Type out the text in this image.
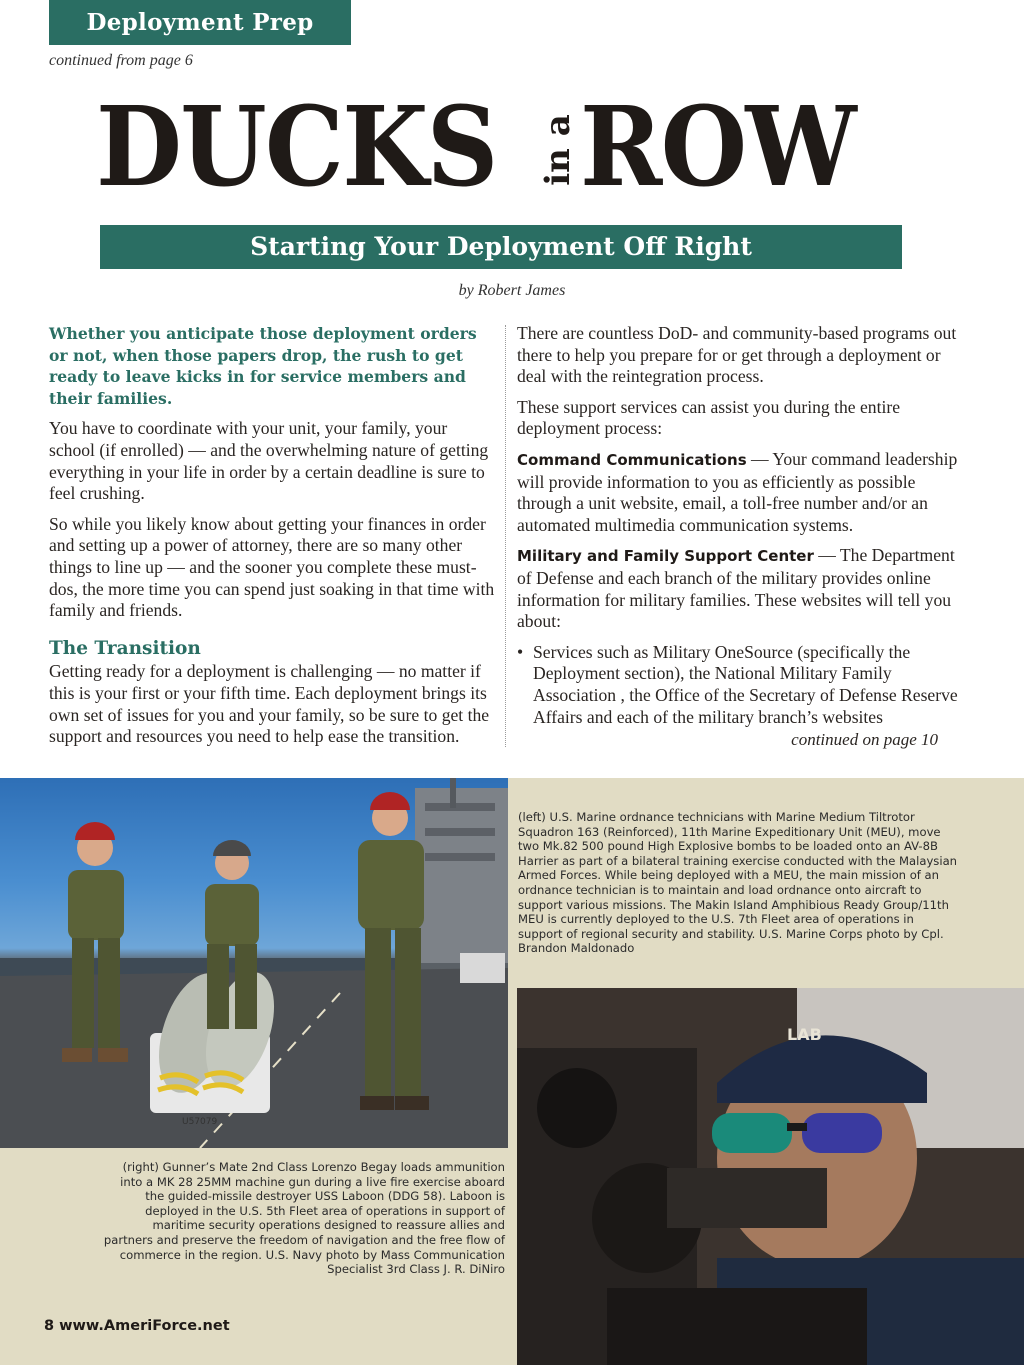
Deployment Prep
continued from page 6
DUCKS in a ROW
Starting Your Deployment Off Right
by Robert James

Whether you anticipate those deployment orders or not, when those papers drop, the rush to get ready to leave kicks in for service members and their families.

You have to coordinate with your unit, your family, your school (if enrolled) — and the overwhelming nature of getting everything in your life in order by a certain deadline is sure to feel crushing.

So while you likely know about getting your finances in order and setting up a power of attorney, there are so many other things to line up — and the sooner you complete these must-dos, the more time you can spend just soaking in that time with family and friends.

The Transition

Getting ready for a deployment is challenging — no matter if this is your first or your fifth time. Each deployment brings its own set of issues for you and your family, so be sure to get the support and resources you need to help ease the transition.

There are countless DoD- and community-based programs out there to help you prepare for or get through a deployment or deal with the reintegration process.

These support services can assist you during the entire deployment process:

Command Communications — Your command leadership will provide information to you as efficiently as possible through a unit website, email, a toll-free number and/or an automated multimedia communication systems.

Military and Family Support Center — The Department of Defense and each branch of the military provides online information for military families. These websites will tell you about:

• Services such as Military OneSource (specifically the Deployment section), the National Military Family Association , the Office of the Secretary of Defense Reserve Affairs and each of the military branch’s websites
continued on page 10
U57079
LAB
(left) U.S. Marine ordnance technicians with Marine Medium Tiltrotor Squadron 163 (Reinforced), 11th Marine Expeditionary Unit (MEU), move two Mk.82 500 pound High Explosive bombs to be loaded onto an AV-8B Harrier as part of a bilateral training exercise conducted with the Malaysian Armed Forces. While being deployed with a MEU, the main mission of an ordnance technician is to maintain and load ordnance onto aircraft to support various missions. The Makin Island Amphibious Ready Group/11th MEU is currently deployed to the U.S. 7th Fleet area of operations in support of regional security and stability. U.S. Marine Corps photo by Cpl. Brandon Maldonado
(right) Gunner’s Mate 2nd Class Lorenzo Begay loads ammunition into a MK 28 25MM machine gun during a live fire exercise aboard the guided-missile destroyer USS Laboon (DDG 58). Laboon is deployed in the U.S. 5th Fleet area of operations in support of maritime security operations designed to reassure allies and partners and preserve the freedom of navigation and the free flow of commerce in the region. U.S. Navy photo by Mass Communication Specialist 3rd Class J. R. DiNiro
8 www.AmeriForce.net
